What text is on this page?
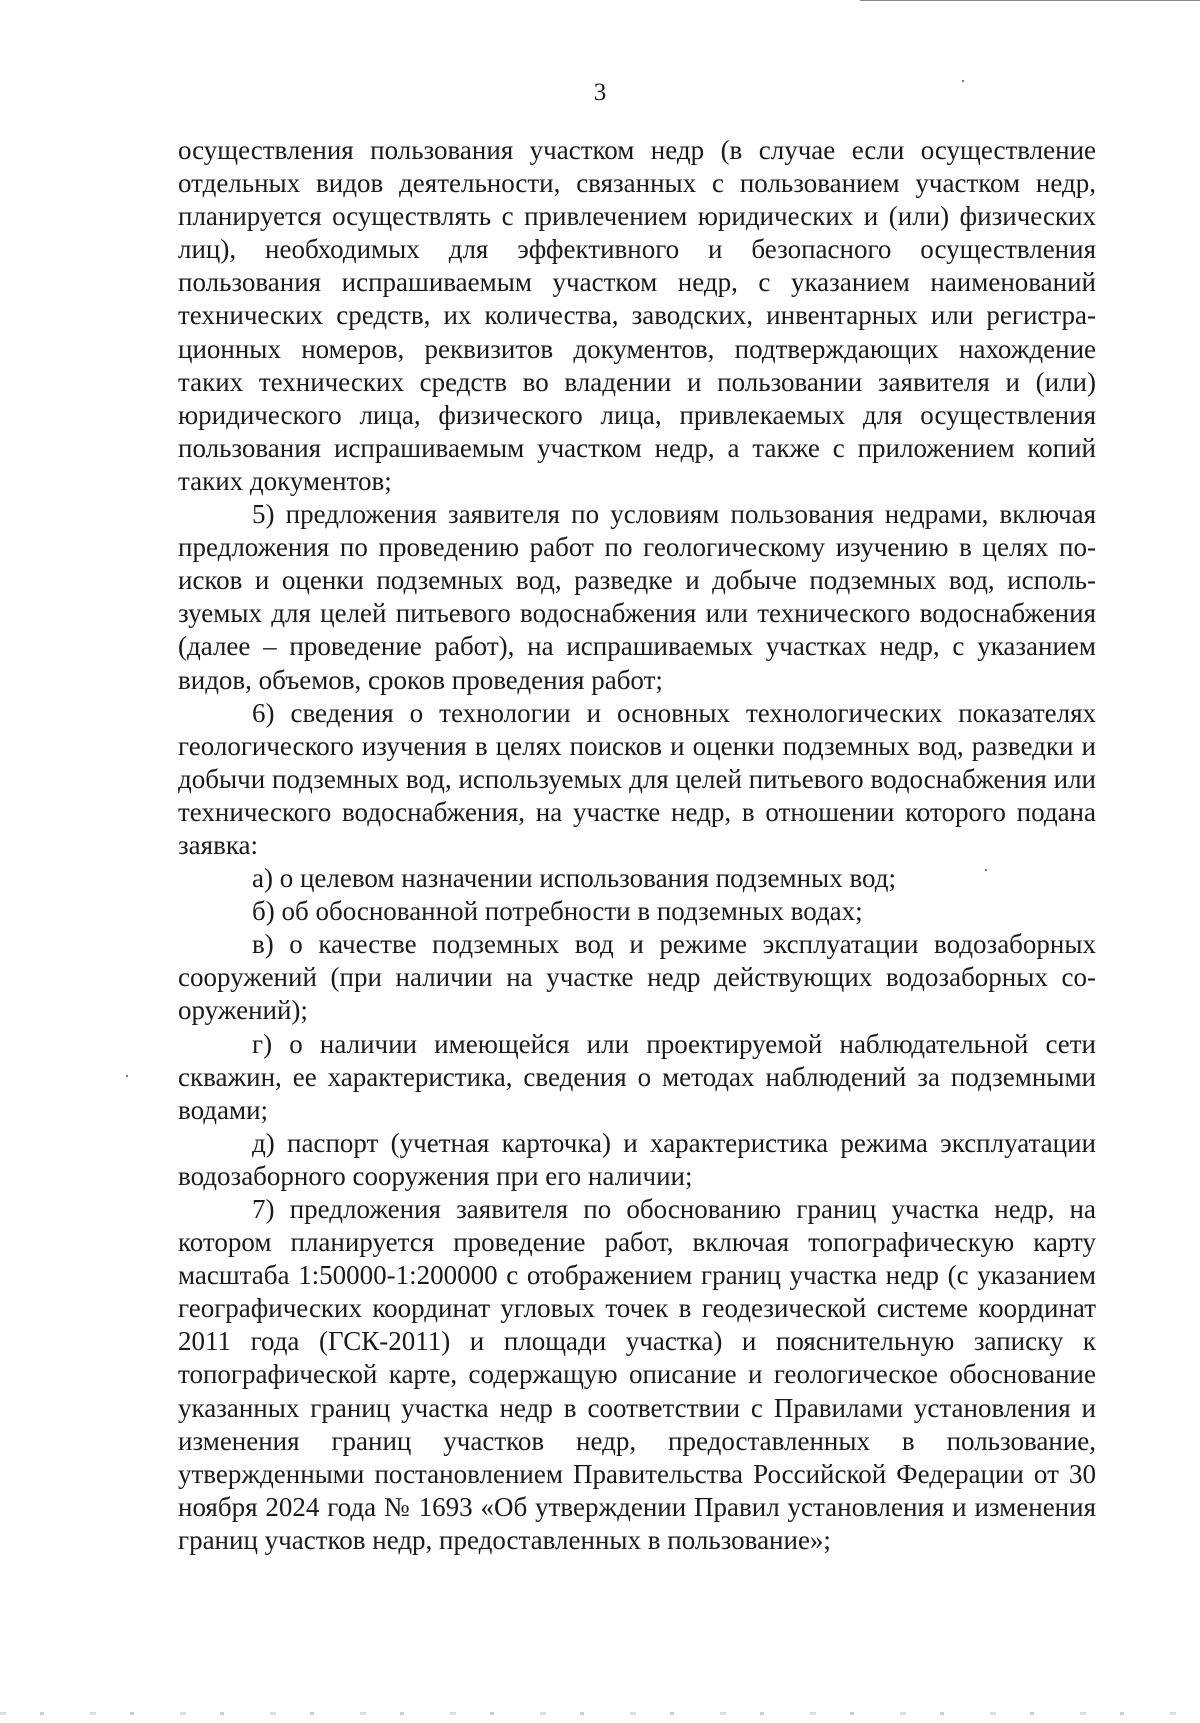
3

осуществления пользования участком недр (в случае если осуществление отдельных видов деятельности, связанных с пользованием участком недр, планируется осуществлять с привлечением юридических и (или) физических лиц), необходимых для эффективного и безопасного осуществления пользования испрашиваемым участком недр, с указанием наименований технических средств, их количества, заводских, инвентарных или регистрационных номеров, реквизитов документов, подтверждающих нахождение таких технических средств во владении и пользовании заявителя и (или) юридического лица, физического лица, привлекаемых для осуществления пользования испрашиваемым участком недр, а также с приложением копий таких документов;

5) предложения заявителя по условиям пользования недрами, включая предложения по проведению работ по геологическому изучению в целях поисков и оценки подземных вод, разведке и добыче подземных вод, используемых для целей питьевого водоснабжения или технического водоснабжения (далее – проведение работ), на испрашиваемых участках недр, с указанием видов, объемов, сроков проведения работ;

6) сведения о технологии и основных технологических показателях геологического изучения в целях поисков и оценки подземных вод, разведки и добычи подземных вод, используемых для целей питьевого водоснабжения или технического водоснабжения, на участке недр, в отношении которого подана заявка:

а) о целевом назначении использования подземных вод;

б) об обоснованной потребности в подземных водах;

в) о качестве подземных вод и режиме эксплуатации водозаборных сооружений (при наличии на участке недр действующих водозаборных сооружений);

г) о наличии имеющейся или проектируемой наблюдательной сети скважин, ее характеристика, сведения о методах наблюдений за подземными водами;

д) паспорт (учетная карточка) и характеристика режима эксплуатации водозаборного сооружения при его наличии;

7) предложения заявителя по обоснованию границ участка недр, на котором планируется проведение работ, включая топографическую карту масштаба 1:50000-1:200000 с отображением границ участка недр (с указанием географических координат угловых точек в геодезической системе координат 2011 года (ГСК-2011) и площади участка) и пояснительную записку к топографической карте, содержащую описание и геологическое обоснование указанных границ участка недр в соответствии с Правилами установления и изменения границ участков недр, предоставленных в пользование, утвержденными постановлением Правительства Российской Федерации от 30 ноября 2024 года № 1693 «Об утверждении Правил установления и изменения границ участков недр, предоставленных в пользование»;
